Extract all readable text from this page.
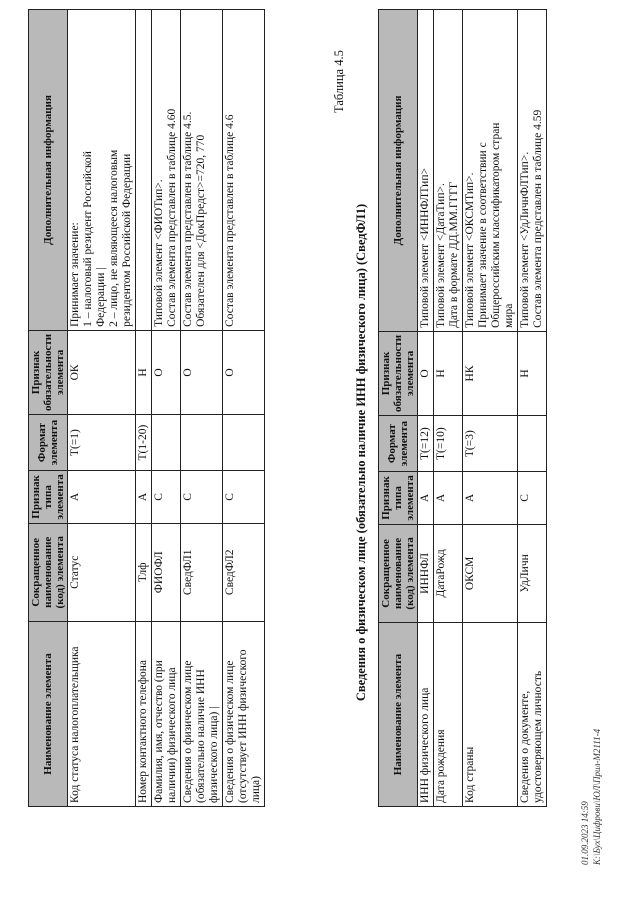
Наименование элемента	Сокращенное наименование (код) элемента	Признак типа элемента	Формат элемента	Признак обязательности элемента	Дополнительная информация
Код статуса налогоплательщика	Статус	А	T(=1)	ОК	Принимает значение: 1 – налоговый резидент Российской Федерации | 2 – лицо, не являющееся налоговым резидентом Российской Федерации

Номер контактного телефона	Тлф	А	T(1-20)	Н	
Фамилия, имя, отчество (при наличии) физического лица	ФИОФЛ	С		О	Типовой элемент <ФИОТип>. Состав элемента представлен в таблице 4.60

Сведения о физическом лице (обязательно наличие ИНН физического лица) |	СведФЛ1	С		О	Состав элемента представлен в таблице 4.5. Обязателен для <ДокПредст>=720, 770

Сведения о физическом лице (отсутствует ИНН физического лица)	СведФЛ2	С		О	Состав элемента представлен в таблице 4.6
Таблица 4.5
Сведения о физическом лице (обязательно наличие ИНН физического лица) (СведФЛ1)
Наименование элемента	Сокращенное наименование (код) элемента	Признак типа элемента	Формат элемента	Признак обязательности элемента	Дополнительная информация
ИНН физического лица	ИННФЛ	А	T(=12)	О	Типовой элемент <ИННФЛТип>

Дата рождения	ДатаРожд	А	T(=10)	Н	Типовой элемент <ДатаТип>. Дата в формате ДД.ММ.ГГГГ

Код страны	ОКСМ	А	T(=3)	НК	Типовой элемент <ОКСМТип>. Принимает значение в соответствии с Общероссийским классификатором стран мира

Сведения о документе, удостоверяющем личность	УдЛичн	С		Н	Типовой элемент <УдЛичнФЛТип>. Состав элемента представлен в таблице 4.59
01.09.2023 14:59 К:\Бух\Цифрови\ЮЛ\Прил-М2111-4
